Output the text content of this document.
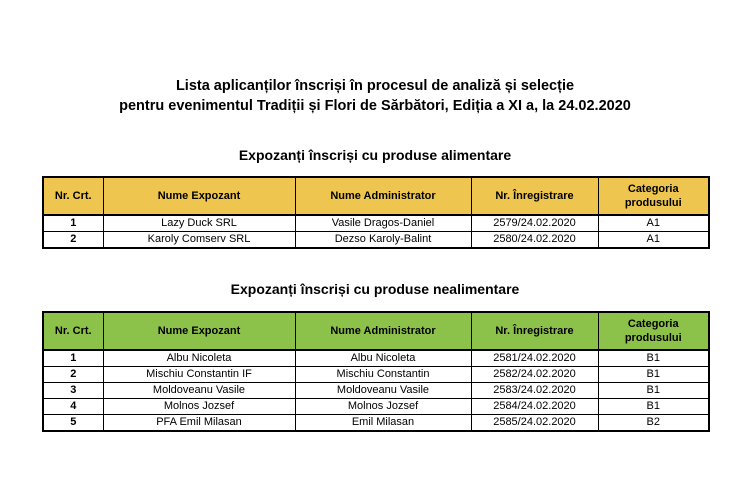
Lista aplicanților înscriși în procesul de analiză și selecție
pentru evenimentul Tradiții și Flori de Sărbători, Ediția a XI a, la 24.02.2020
Expozanți înscriși cu produse alimentare
Nr. Crt.	Nume Expozant	Nume Administrator	Nr. Înregistrare	Categoria produsului
1	Lazy Duck SRL	Vasile Dragos-Daniel	2579/24.02.2020	A1
2	Karoly Comserv SRL	Dezso Karoly-Balint	2580/24.02.2020	A1
Expozanți înscriși cu produse nealimentare
Nr. Crt.	Nume Expozant	Nume Administrator	Nr. Înregistrare	Categoria produsului
1	Albu Nicoleta	Albu Nicoleta	2581/24.02.2020	B1
2	Mischiu Constantin IF	Mischiu Constantin	2582/24.02.2020	B1
3	Moldoveanu Vasile	Moldoveanu Vasile	2583/24.02.2020	B1
4	Molnos Jozsef	Molnos Jozsef	2584/24.02.2020	B1
5	PFA Emil Milasan	Emil Milasan	2585/24.02.2020	B2
